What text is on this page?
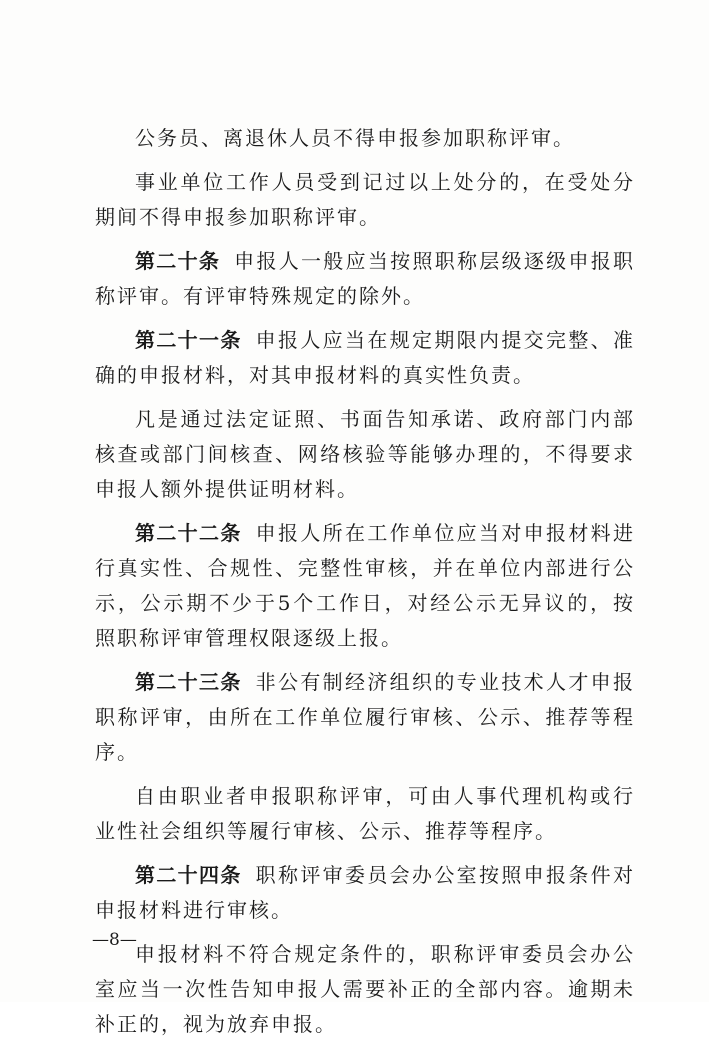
公务员、离退休人员不得申报参加职称评审。

事业单位工作人员受到记过以上处分的，在受处分期间不得申报参加职称评审。

第二十条 申报人一般应当按照职称层级逐级申报职称评审。有评审特殊规定的除外。

第二十一条 申报人应当在规定期限内提交完整、准确的申报材料，对其申报材料的真实性负责。

凡是通过法定证照、书面告知承诺、政府部门内部核查或部门间核查、网络核验等能够办理的，不得要求申报人额外提供证明材料。

第二十二条 申报人所在工作单位应当对申报材料进行真实性、合规性、完整性审核，并在单位内部进行公示，公示期不少于5个工作日，对经公示无异议的，按照职称评审管理权限逐级上报。

第二十三条 非公有制经济组织的专业技术人才申报职称评审，由所在工作单位履行审核、公示、推荐等程序。

自由职业者申报职称评审，可由人事代理机构或行业性社会组织等履行审核、公示、推荐等程序。

第二十四条 职称评审委员会办公室按照申报条件对申报材料进行审核。

申报材料不符合规定条件的，职称评审委员会办公室应当一次性告知申报人需要补正的全部内容。逾期未补正的，视为放弃申报。

—8—
